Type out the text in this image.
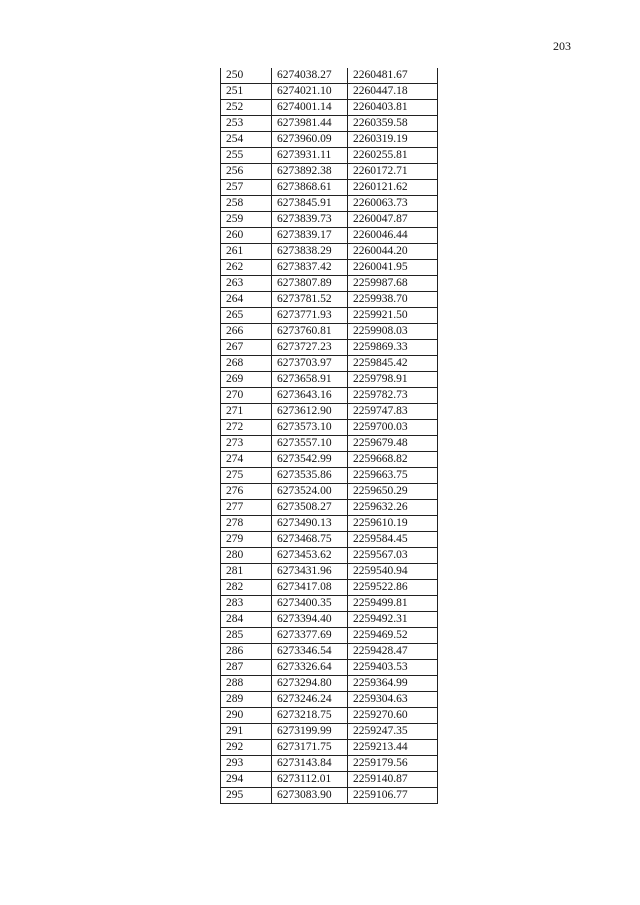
203
250	6274038.27	2260481.67
251	6274021.10	2260447.18
252	6274001.14	2260403.81
253	6273981.44	2260359.58
254	6273960.09	2260319.19
255	6273931.11	2260255.81
256	6273892.38	2260172.71
257	6273868.61	2260121.62
258	6273845.91	2260063.73
259	6273839.73	2260047.87
260	6273839.17	2260046.44
261	6273838.29	2260044.20
262	6273837.42	2260041.95
263	6273807.89	2259987.68
264	6273781.52	2259938.70
265	6273771.93	2259921.50
266	6273760.81	2259908.03
267	6273727.23	2259869.33
268	6273703.97	2259845.42
269	6273658.91	2259798.91
270	6273643.16	2259782.73
271	6273612.90	2259747.83
272	6273573.10	2259700.03
273	6273557.10	2259679.48
274	6273542.99	2259668.82
275	6273535.86	2259663.75
276	6273524.00	2259650.29
277	6273508.27	2259632.26
278	6273490.13	2259610.19
279	6273468.75	2259584.45
280	6273453.62	2259567.03
281	6273431.96	2259540.94
282	6273417.08	2259522.86
283	6273400.35	2259499.81
284	6273394.40	2259492.31
285	6273377.69	2259469.52
286	6273346.54	2259428.47
287	6273326.64	2259403.53
288	6273294.80	2259364.99
289	6273246.24	2259304.63
290	6273218.75	2259270.60
291	6273199.99	2259247.35
292	6273171.75	2259213.44
293	6273143.84	2259179.56
294	6273112.01	2259140.87
295	6273083.90	2259106.77
